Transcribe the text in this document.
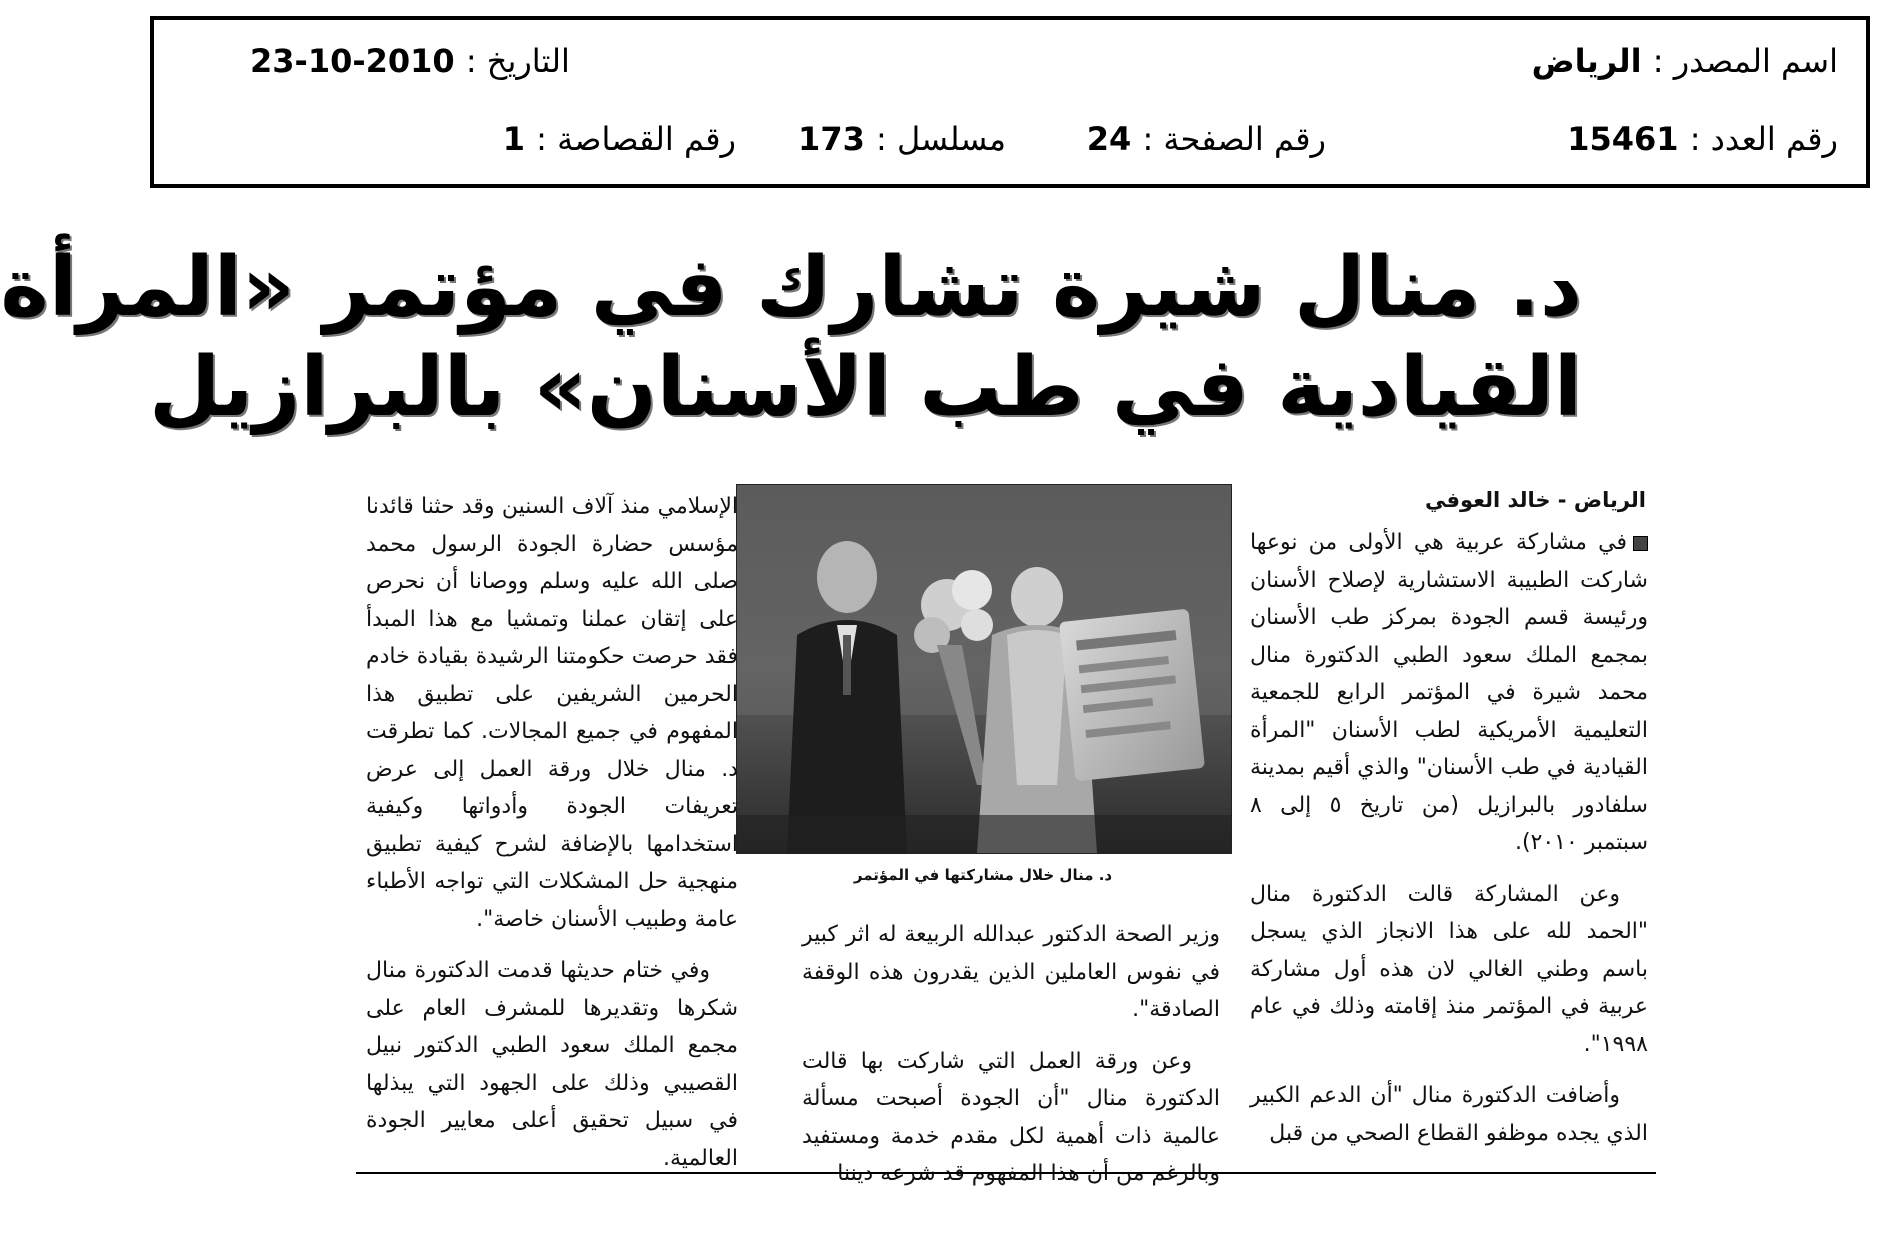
اسم المصدر : الرياض
التاريخ : 2010-10-23
رقم العدد : 15461
رقم الصفحة : 24
مسلسل : 173
رقم القصاصة : 1
د. منال شيرة تشارك في مؤتمر «المرأة
القيادية في طب الأسنان» بالبرازيل
الرياض - خالد العوفي

في مشاركة عربية هي الأولى من نوعها شاركت الطبيبة الاستشارية لإصلاح الأسنان ورئيسة قسم الجودة بمركز طب الأسنان بمجمع الملك سعود الطبي الدكتورة منال محمد شيرة في المؤتمر الرابع للجمعية التعليمية الأمريكية لطب الأسنان "المرأة القيادية في طب الأسنان" والذي أقيم بمدينة سلفادور بالبرازيل (من تاريخ ٥ إلى ٨ سبتمبر ٢٠١٠).

وعن المشاركة قالت الدكتورة منال "الحمد لله على هذا الانجاز الذي يسجل باسم وطني الغالي لان هذه أول مشاركة عربية في المؤتمر منذ إقامته وذلك في عام ١٩٩٨".

وأضافت الدكتورة منال "أن الدعم الكبير الذي يجده موظفو القطاع الصحي من قبل

د. منال خلال مشاركتها في المؤتمر

وزير الصحة الدكتور عبدالله الربيعة له اثر كبير في نفوس العاملين الذين يقدرون هذه الوقفة الصادقة".

وعن ورقة العمل التي شاركت بها قالت الدكتورة منال "أن الجودة أصبحت مسألة عالمية ذات أهمية لكل مقدم خدمة ومستفيد وبالرغم من أن هذا المفهوم قد شرعه ديننا

الإسلامي منذ آلاف السنين وقد حثنا قائدنا مؤسس حضارة الجودة الرسول محمد صلى الله عليه وسلم ووصانا أن نحرص على إتقان عملنا وتمشيا مع هذا المبدأ فقد حرصت حكومتنا الرشيدة بقيادة خادم الحرمين الشريفين على تطبيق هذا المفهوم في جميع المجالات. كما تطرقت د. منال خلال ورقة العمل إلى عرض تعريفات الجودة وأدواتها وكيفية استخدامها بالإضافة لشرح كيفية تطبيق منهجية حل المشكلات التي تواجه الأطباء عامة وطبيب الأسنان خاصة".

وفي ختام حديثها قدمت الدكتورة منال شكرها وتقديرها للمشرف العام على مجمع الملك سعود الطبي الدكتور نبيل القصيبي وذلك على الجهود التي يبذلها في سبيل تحقيق أعلى معايير الجودة العالمية.
